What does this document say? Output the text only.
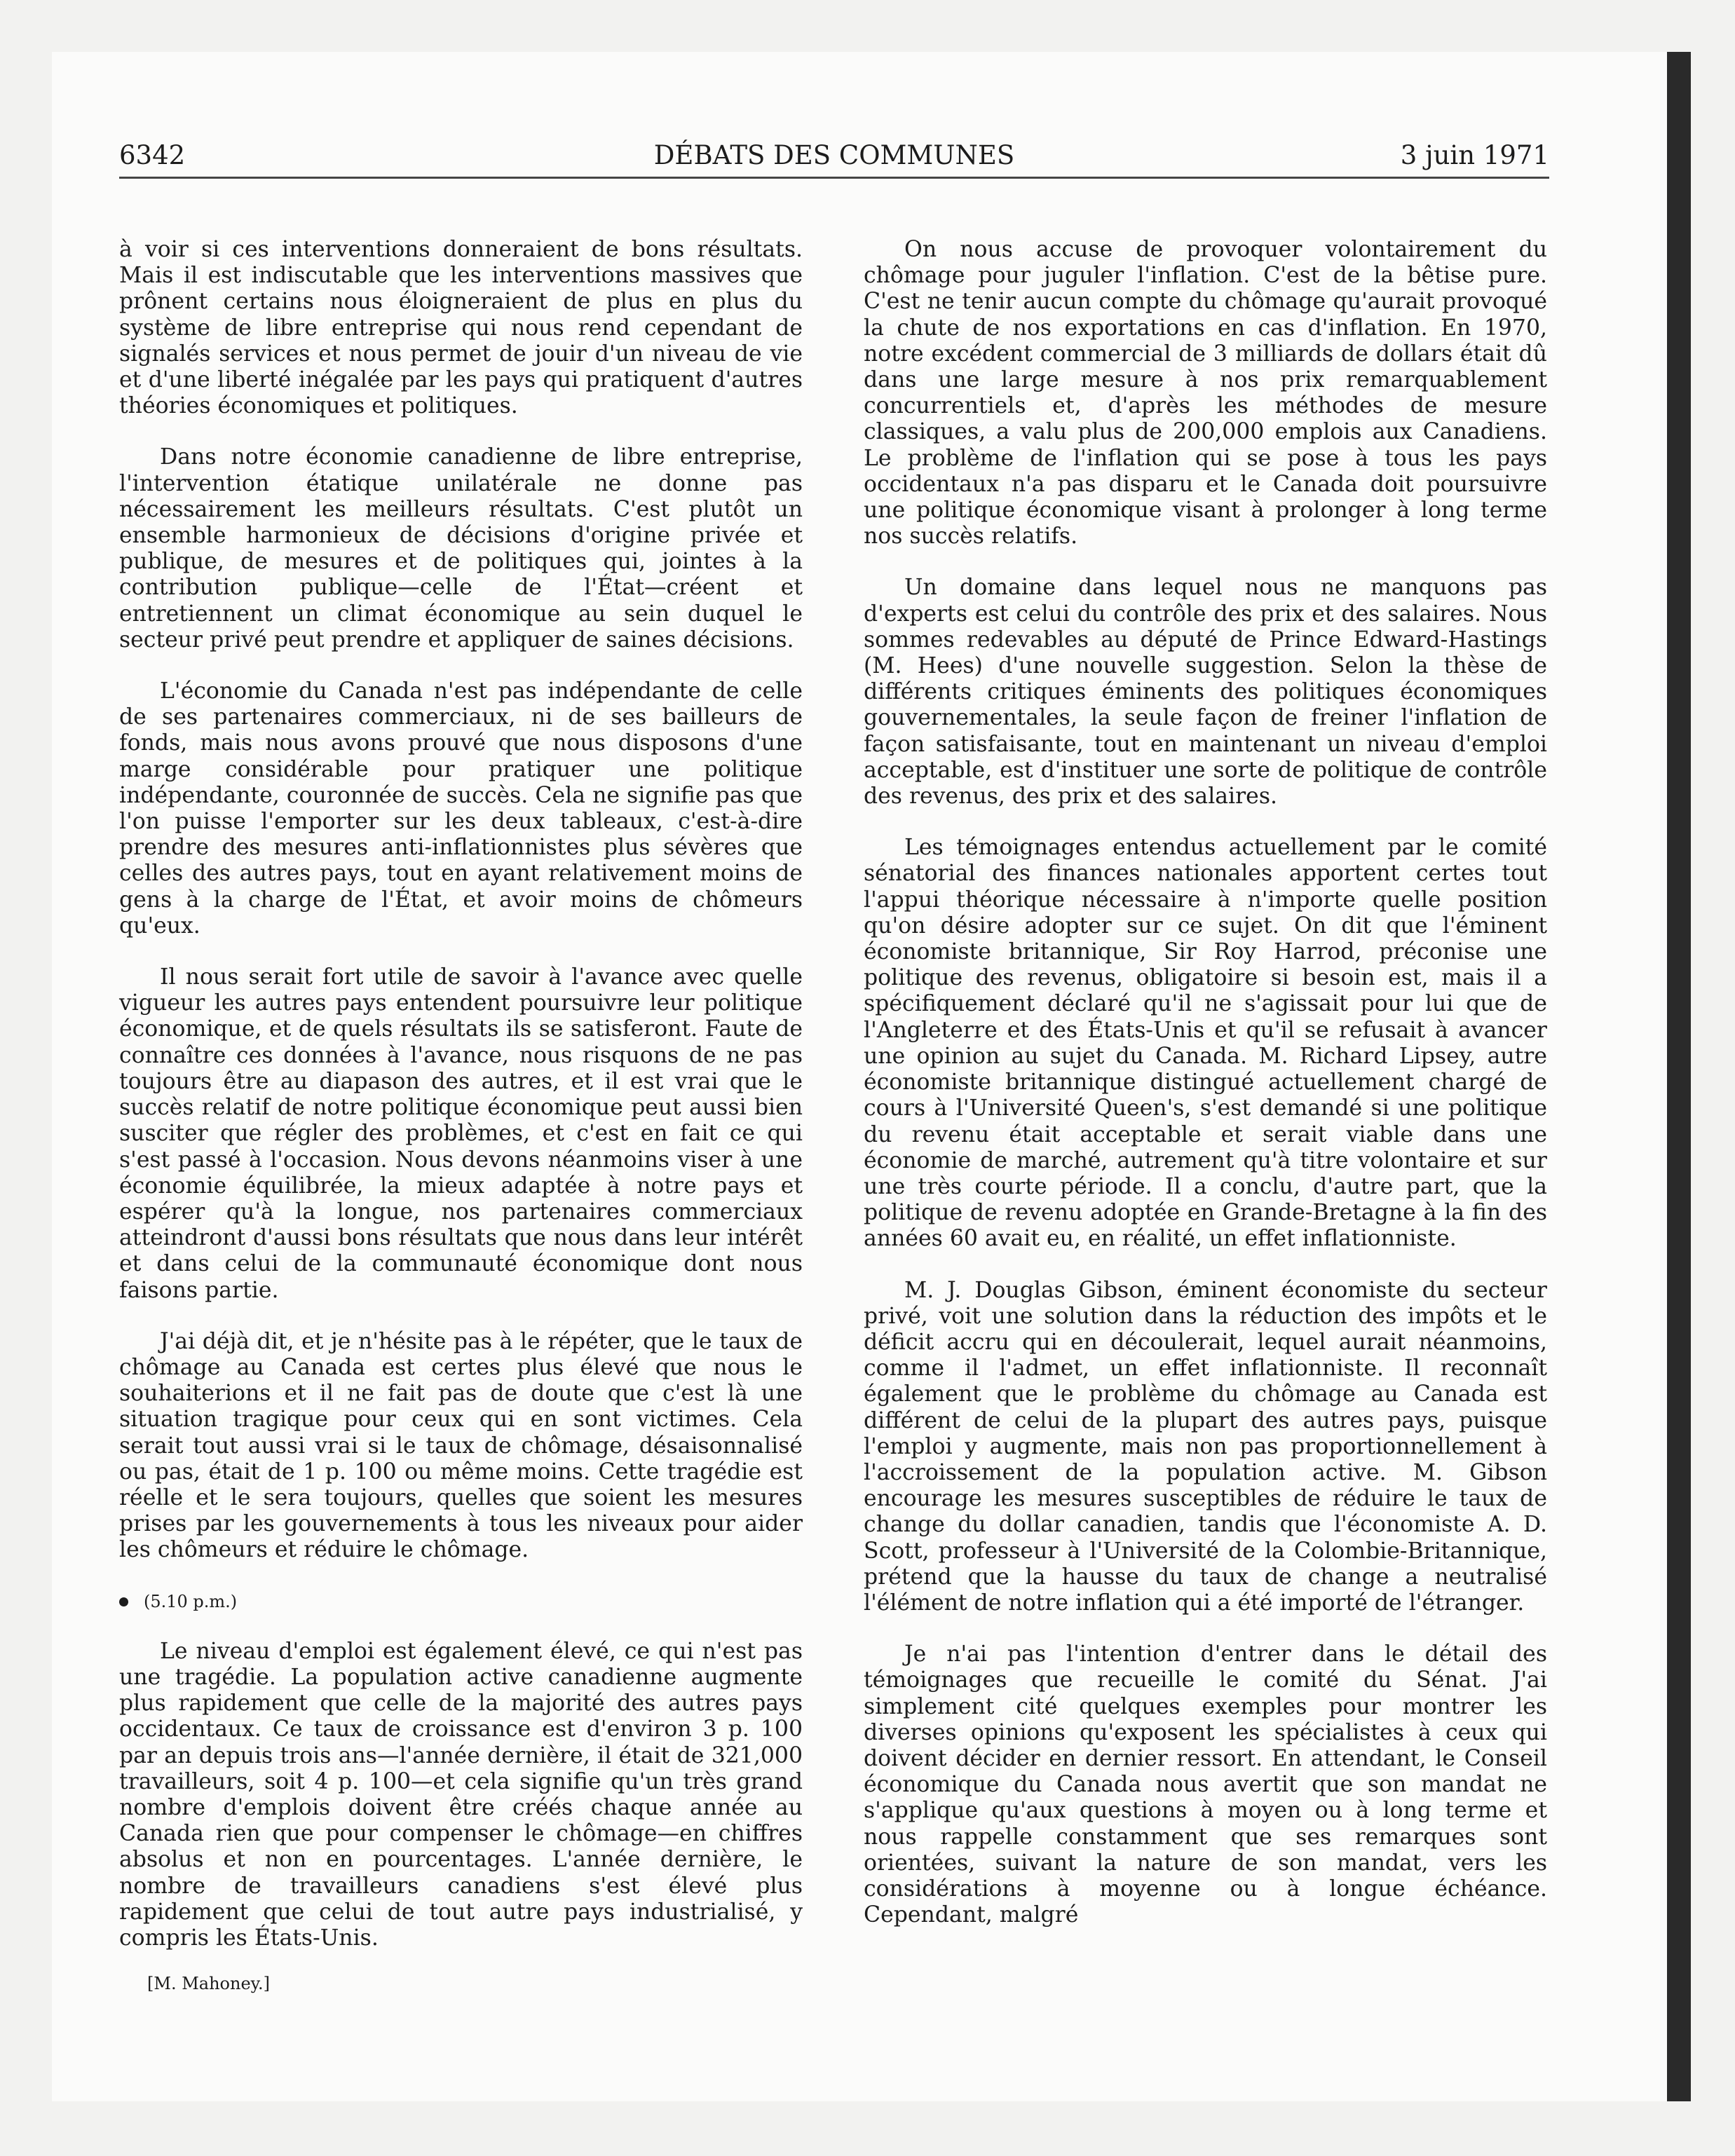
6342	DÉBATS DES COMMUNES	3 juin 1971

à voir si ces interventions donneraient de bons résultats. Mais il est indiscutable que les interventions massives que prônent certains nous éloigneraient de plus en plus du système de libre entreprise qui nous rend cependant de signalés services et nous permet de jouir d'un niveau de vie et d'une liberté inégalée par les pays qui pratiquent d'autres théories économiques et politiques.

Dans notre économie canadienne de libre entreprise, l'intervention étatique unilatérale ne donne pas nécessairement les meilleurs résultats. C'est plutôt un ensemble harmonieux de décisions d'origine privée et publique, de mesures et de politiques qui, jointes à la contribution publique—celle de l'État—créent et entretiennent un climat économique au sein duquel le secteur privé peut prendre et appliquer de saines décisions.

L'économie du Canada n'est pas indépendante de celle de ses partenaires commerciaux, ni de ses bailleurs de fonds, mais nous avons prouvé que nous disposons d'une marge considérable pour pratiquer une politique indépendante, couronnée de succès. Cela ne signifie pas que l'on puisse l'emporter sur les deux tableaux, c'est-à-dire prendre des mesures anti-inflationnistes plus sévères que celles des autres pays, tout en ayant relativement moins de gens à la charge de l'État, et avoir moins de chômeurs qu'eux.

Il nous serait fort utile de savoir à l'avance avec quelle vigueur les autres pays entendent poursuivre leur politique économique, et de quels résultats ils se satisferont. Faute de connaître ces données à l'avance, nous risquons de ne pas toujours être au diapason des autres, et il est vrai que le succès relatif de notre politique économique peut aussi bien susciter que régler des problèmes, et c'est en fait ce qui s'est passé à l'occasion. Nous devons néanmoins viser à une économie équilibrée, la mieux adaptée à notre pays et espérer qu'à la longue, nos partenaires commerciaux atteindront d'aussi bons résultats que nous dans leur intérêt et dans celui de la communauté économique dont nous faisons partie.

J'ai déjà dit, et je n'hésite pas à le répéter, que le taux de chômage au Canada est certes plus élevé que nous le souhaiterions et il ne fait pas de doute que c'est là une situation tragique pour ceux qui en sont victimes. Cela serait tout aussi vrai si le taux de chômage, désaisonnalisé ou pas, était de 1 p. 100 ou même moins. Cette tragédie est réelle et le sera toujours, quelles que soient les mesures prises par les gouvernements à tous les niveaux pour aider les chômeurs et réduire le chômage.

(5.10 p.m.)

Le niveau d'emploi est également élevé, ce qui n'est pas une tragédie. La population active canadienne augmente plus rapidement que celle de la majorité des autres pays occidentaux. Ce taux de croissance est d'environ 3 p. 100 par an depuis trois ans—l'année dernière, il était de 321,000 travailleurs, soit 4 p. 100—et cela signifie qu'un très grand nombre d'emplois doivent être créés chaque année au Canada rien que pour compenser le chômage—en chiffres absolus et non en pourcentages. L'année dernière, le nombre de travailleurs canadiens s'est élevé plus rapidement que celui de tout autre pays industrialisé, y compris les États-Unis.

[M. Mahoney.]

On nous accuse de provoquer volontairement du chômage pour juguler l'inflation. C'est de la bêtise pure. C'est ne tenir aucun compte du chômage qu'aurait provoqué la chute de nos exportations en cas d'inflation. En 1970, notre excédent commercial de 3 milliards de dollars était dû dans une large mesure à nos prix remarquablement concurrentiels et, d'après les méthodes de mesure classiques, a valu plus de 200,000 emplois aux Canadiens. Le problème de l'inflation qui se pose à tous les pays occidentaux n'a pas disparu et le Canada doit poursuivre une politique économique visant à prolonger à long terme nos succès relatifs.

Un domaine dans lequel nous ne manquons pas d'experts est celui du contrôle des prix et des salaires. Nous sommes redevables au député de Prince Edward-Hastings (M. Hees) d'une nouvelle suggestion. Selon la thèse de différents critiques éminents des politiques économiques gouvernementales, la seule façon de freiner l'inflation de façon satisfaisante, tout en maintenant un niveau d'emploi acceptable, est d'instituer une sorte de politique de contrôle des revenus, des prix et des salaires.

Les témoignages entendus actuellement par le comité sénatorial des finances nationales apportent certes tout l'appui théorique nécessaire à n'importe quelle position qu'on désire adopter sur ce sujet. On dit que l'éminent économiste britannique, Sir Roy Harrod, préconise une politique des revenus, obligatoire si besoin est, mais il a spécifiquement déclaré qu'il ne s'agissait pour lui que de l'Angleterre et des États-Unis et qu'il se refusait à avancer une opinion au sujet du Canada. M. Richard Lipsey, autre économiste britannique distingué actuellement chargé de cours à l'Université Queen's, s'est demandé si une politique du revenu était acceptable et serait viable dans une économie de marché, autrement qu'à titre volontaire et sur une très courte période. Il a conclu, d'autre part, que la politique de revenu adoptée en Grande-Bretagne à la fin des années 60 avait eu, en réalité, un effet inflationniste.

M. J. Douglas Gibson, éminent économiste du secteur privé, voit une solution dans la réduction des impôts et le déficit accru qui en découlerait, lequel aurait néanmoins, comme il l'admet, un effet inflationniste. Il reconnaît également que le problème du chômage au Canada est différent de celui de la plupart des autres pays, puisque l'emploi y augmente, mais non pas proportionnellement à l'accroissement de la population active. M. Gibson encourage les mesures susceptibles de réduire le taux de change du dollar canadien, tandis que l'économiste A. D. Scott, professeur à l'Université de la Colombie-Britannique, prétend que la hausse du taux de change a neutralisé l'élément de notre inflation qui a été importé de l'étranger.

Je n'ai pas l'intention d'entrer dans le détail des témoignages que recueille le comité du Sénat. J'ai simplement cité quelques exemples pour montrer les diverses opinions qu'exposent les spécialistes à ceux qui doivent décider en dernier ressort. En attendant, le Conseil économique du Canada nous avertit que son mandat ne s'applique qu'aux questions à moyen ou à long terme et nous rappelle constamment que ses remarques sont orientées, suivant la nature de son mandat, vers les considérations à moyenne ou à longue échéance. Cependant, malgré
